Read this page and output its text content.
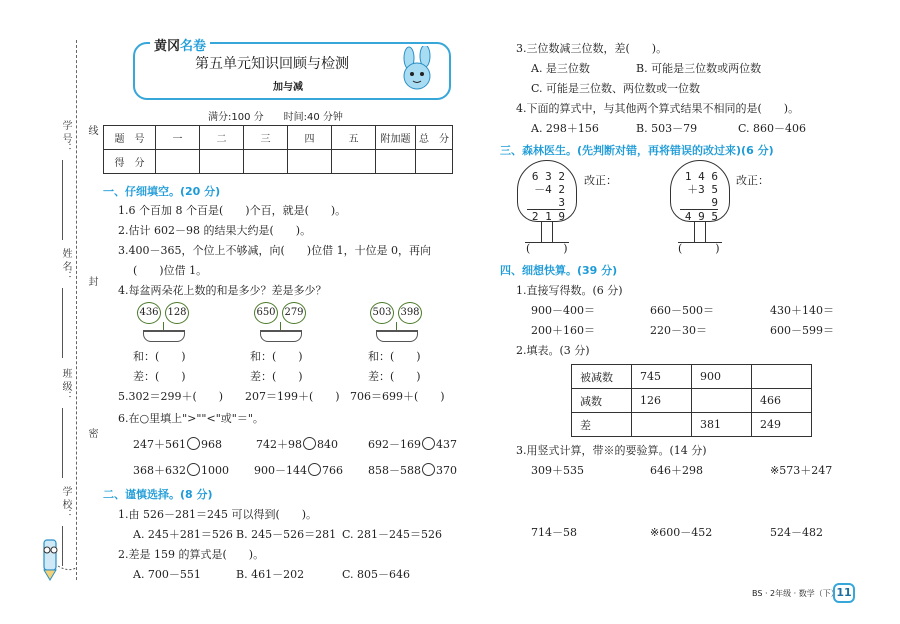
学 号：
姓 名：
班 级：
学 校：
线
封
密
第五单元知识回顾与检测
加与减
黄冈名卷
满分:100 分　　时间:40 分钟
题　号	一	二	三	四	五	附加题	总　分
得　分							
一、仔细填空。(20 分)
1.6 个百加 8 个百是(　　)个百，就是(　　)。
2.估计 602－98 的结果大约是(　　)。
3.400－365，个位上不够减，向(　　)位借 1，十位是 0，再向
(　　)位借 1。
4.每盆两朵花上数的和是多少？差是多少？
436 128	650 279	503 398
和：(　　)	和：(　　)	和：(　　)
差：(　　)	差：(　　)	差：(　　)
5.302＝299＋(　　) 207＝199＋(　　) 706＝699＋(　　)
6.在○里填上">""<"或"＝"。
247＋561 968	742＋98 840	692－169 437
368＋632 1000 900－144 766 858－588 370
二、谨慎选择。(8 分)
1.由 526－281＝245 可以得到(　　)。
A. 245＋281＝526 B. 245－526＝281 C. 281－245＝526
2.差是 159 的算式是(　　)。
A. 700－551	B. 461－202	C. 805－646
3.三位数减三位数，差(　　)。
A. 是三位数	B. 可能是三位数或两位数
C. 可能是三位数、两位数或一位数
4.下面的算式中，与其他两个算式结果不相同的是(　　)。
A. 298＋156	B. 503－79	C. 860－406
三、森林医生。(先判断对错，再将错误的改过来)(6 分)
6 3 2
－4 2 3
2 1 9
改正：
(　　　)
1 4 6
＋3 5 9
4 9 5
改正：
(　　　)
四、细想快算。(39 分)
1.直接写得数。(6 分)
900－400＝	660－500＝	430＋140＝
200＋160＝	220－30＝	600－599＝
2.填表。(3 分)
被减数	745	900	
减数	126		466
差		381	249
3.用竖式计算，带※的要验算。(14 分)
309＋535	646＋298	※573＋247
714－58	※600－452	524－482
BS · 2年级 · 数学（下）
11
